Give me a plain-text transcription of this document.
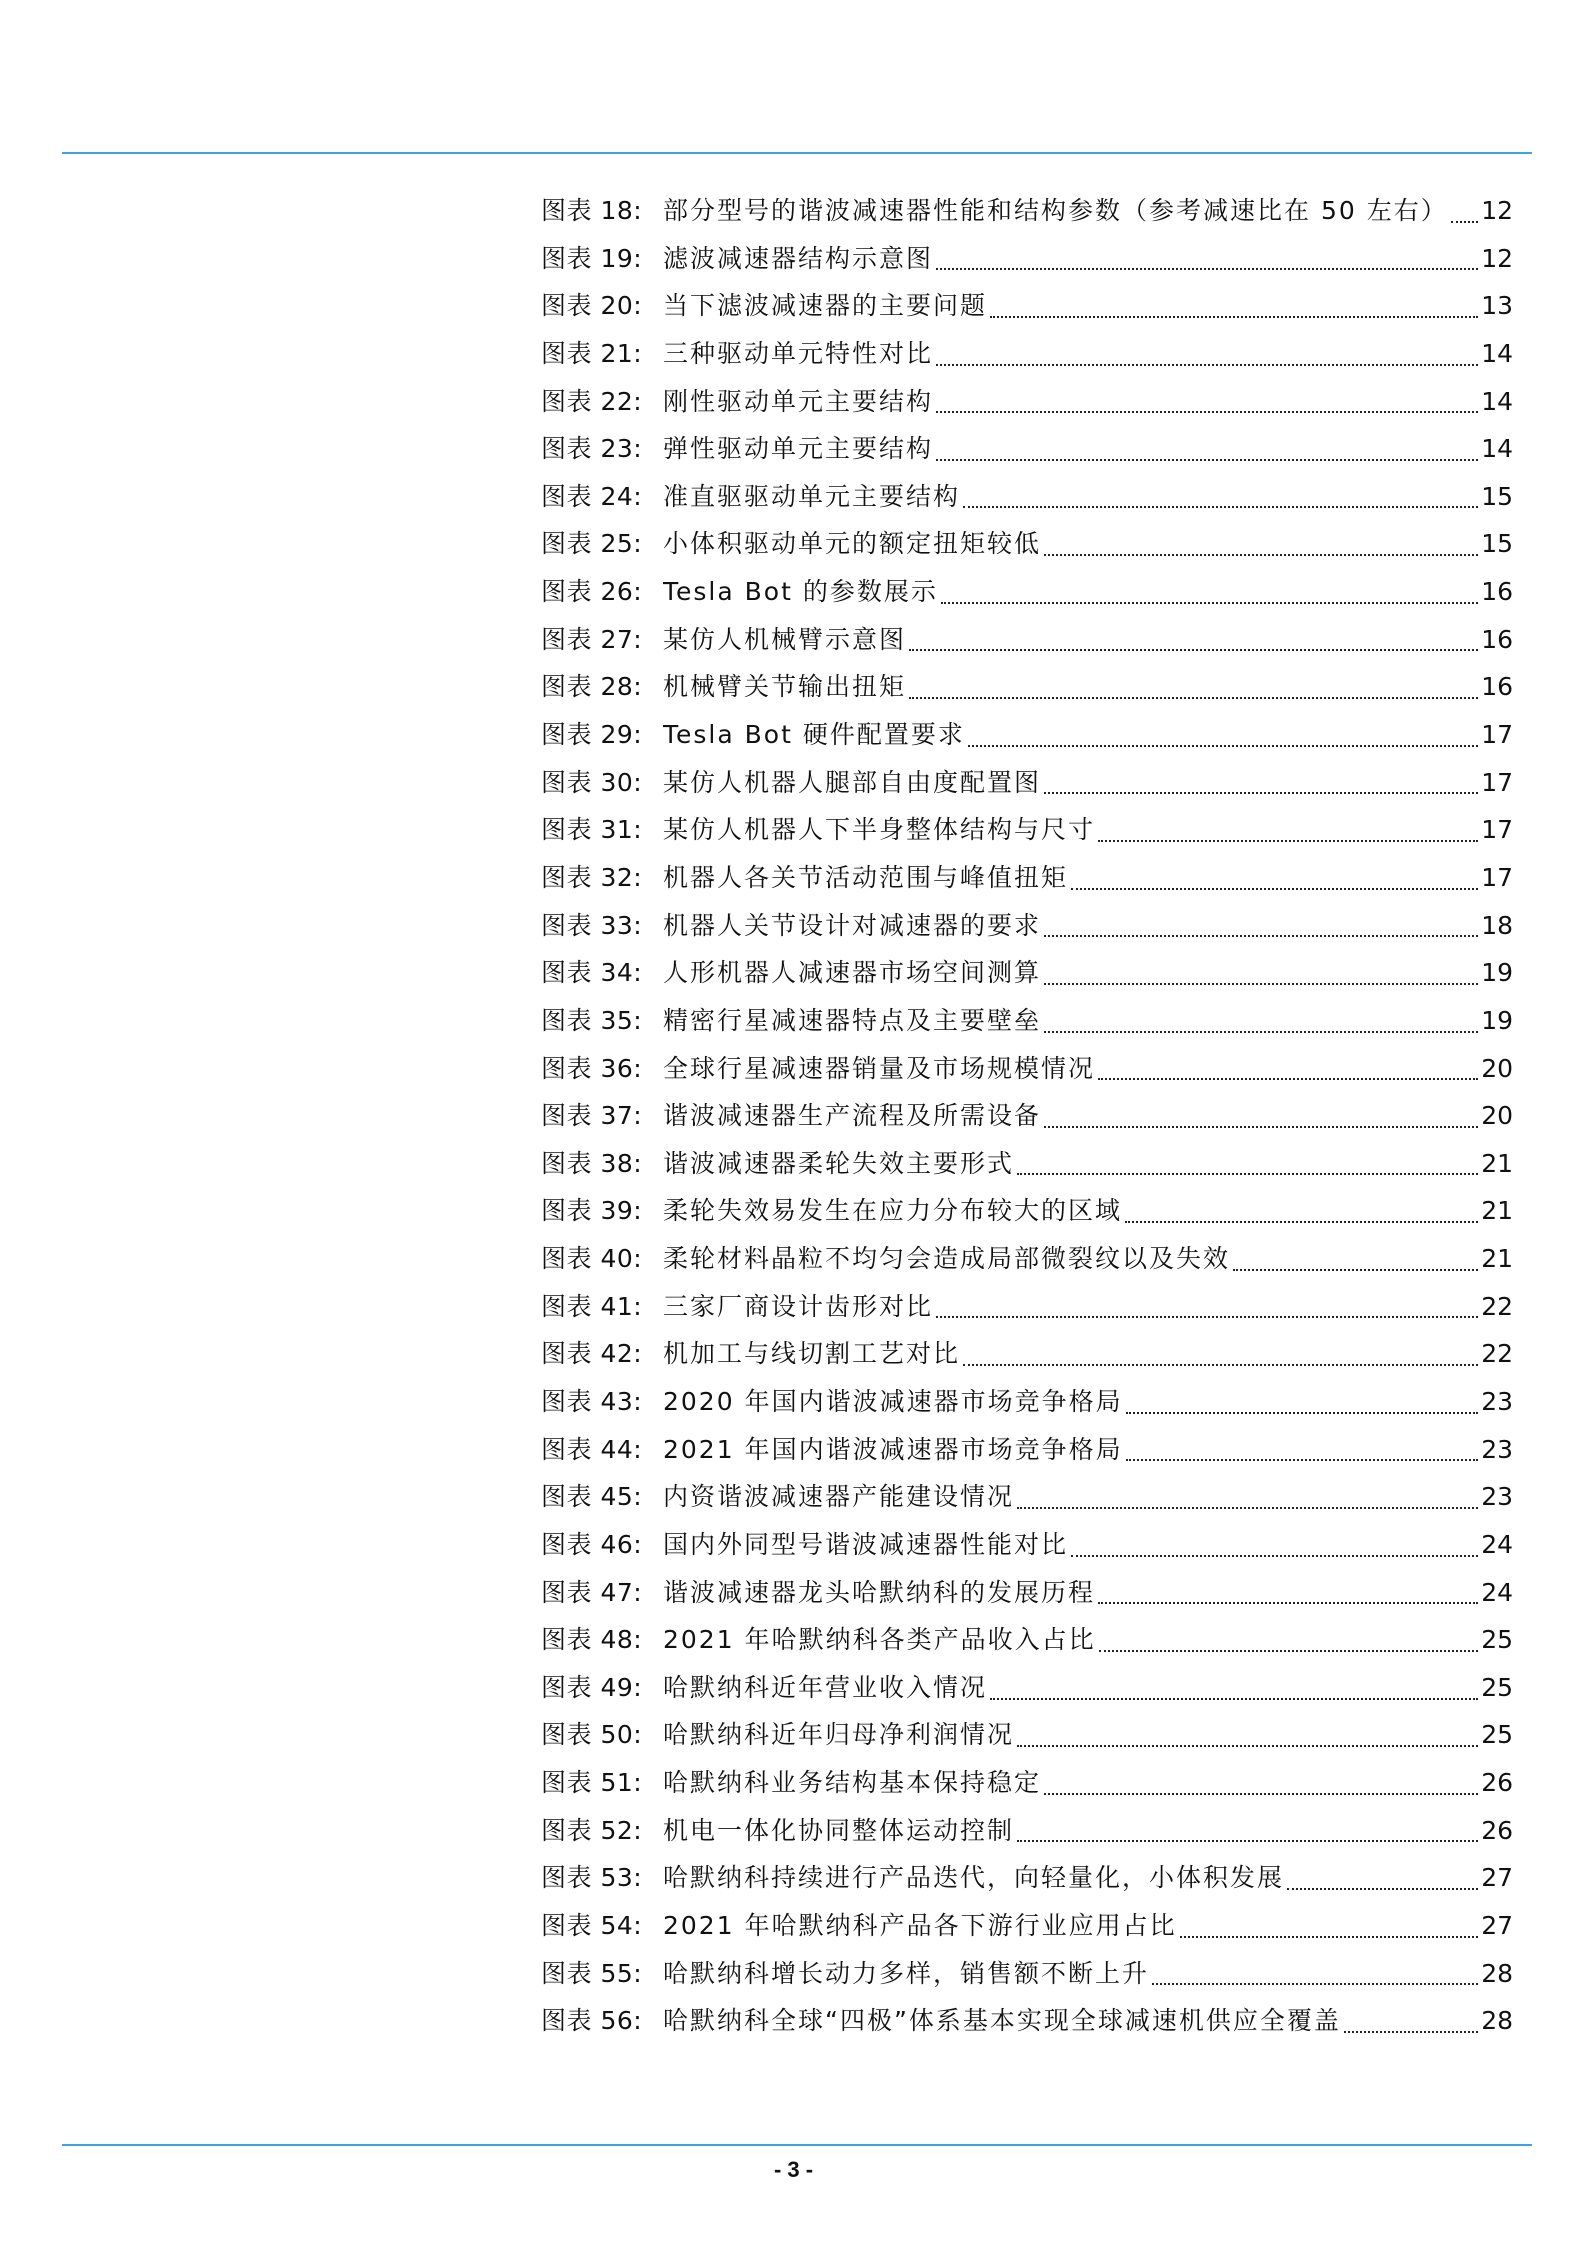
图表 18: 部分型号的谐波减速器性能和结构参数（参考减速比在 50 左右） 12
图表 19: 滤波减速器结构示意图	12
图表 20: 当下滤波减速器的主要问题	13
图表 21: 三种驱动单元特性对比	14
图表 22: 刚性驱动单元主要结构	14
图表 23: 弹性驱动单元主要结构	14
图表 24: 准直驱驱动单元主要结构	15
图表 25: 小体积驱动单元的额定扭矩较低	15
图表 26: Tesla Bot 的参数展示	16
图表 27: 某仿人机械臂示意图	16
图表 28: 机械臂关节输出扭矩	16
图表 29: Tesla Bot 硬件配置要求	17
图表 30: 某仿人机器人腿部自由度配置图	17
图表 31: 某仿人机器人下半身整体结构与尺寸	17
图表 32: 机器人各关节活动范围与峰值扭矩	17
图表 33: 机器人关节设计对减速器的要求	18
图表 34: 人形机器人减速器市场空间测算	19
图表 35: 精密行星减速器特点及主要壁垒	19
图表 36: 全球行星减速器销量及市场规模情况	20
图表 37: 谐波减速器生产流程及所需设备	20
图表 38: 谐波减速器柔轮失效主要形式	21
图表 39: 柔轮失效易发生在应力分布较大的区域	21
图表 40: 柔轮材料晶粒不均匀会造成局部微裂纹以及失效	21
图表 41: 三家厂商设计齿形对比	22
图表 42: 机加工与线切割工艺对比	22
图表 43: 2020 年国内谐波减速器市场竞争格局	23
图表 44: 2021 年国内谐波减速器市场竞争格局	23
图表 45: 内资谐波减速器产能建设情况	23
图表 46: 国内外同型号谐波减速器性能对比	24
图表 47: 谐波减速器龙头哈默纳科的发展历程	24
图表 48: 2021 年哈默纳科各类产品收入占比	25
图表 49: 哈默纳科近年营业收入情况	25
图表 50: 哈默纳科近年归母净利润情况	25
图表 51: 哈默纳科业务结构基本保持稳定	26
图表 52: 机电一体化协同整体运动控制	26
图表 53: 哈默纳科持续进行产品迭代，向轻量化，小体积发展	27
图表 54: 2021 年哈默纳科产品各下游行业应用占比	27
图表 55: 哈默纳科增长动力多样，销售额不断上升	28
图表 56: 哈默纳科全球“四极”体系基本实现全球减速机供应全覆盖	28
- 3 -
